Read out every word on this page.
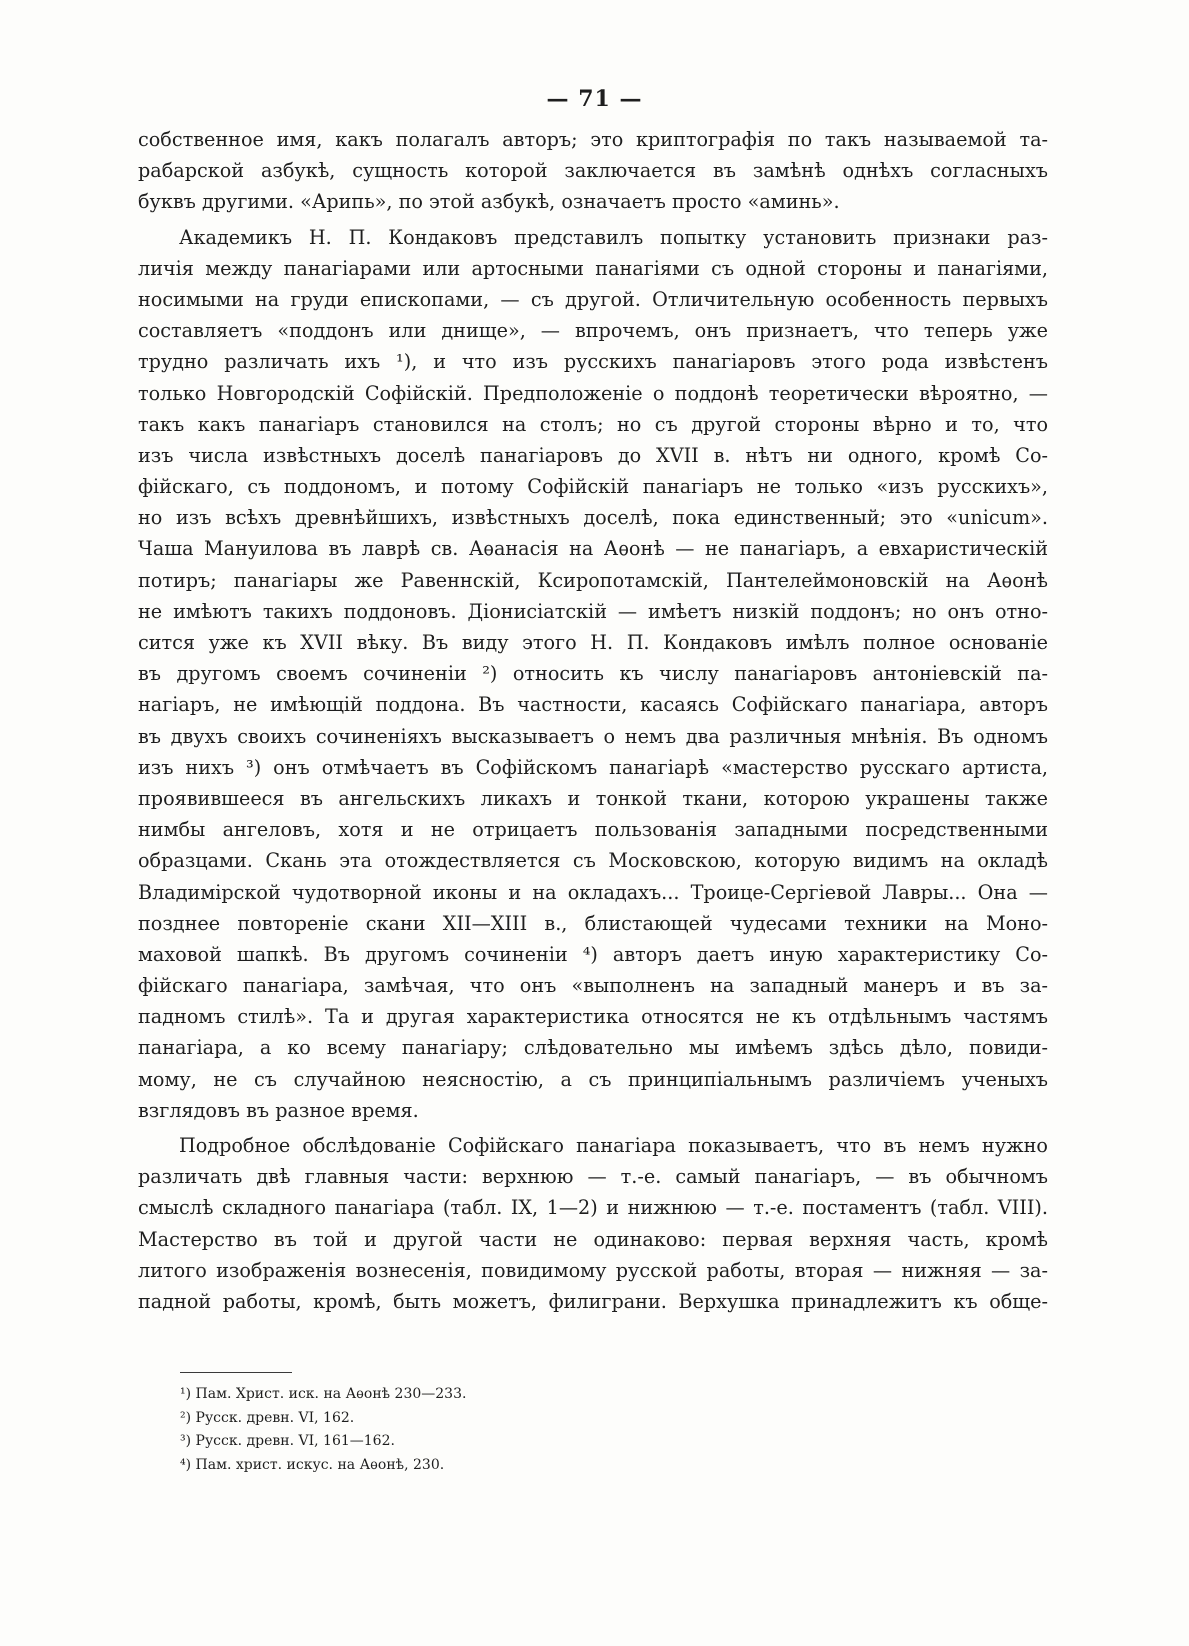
— 71 —
собственное имя, какъ полагалъ авторъ; это криптографія по такъ называемой та-
рабарской азбукѣ, сущность которой заключается въ замѣнѣ однѣхъ согласныхъ
буквъ другими. «Арипь», по этой азбукѣ, означаетъ просто «аминь».
Академикъ Н. П. Кондаковъ представилъ попытку установить признаки раз-
личія между панагіарами или артосными панагіями съ одной стороны и панагіями,
носимыми на груди епископами, — съ другой. Отличительную особенность первыхъ
составляетъ «поддонъ или днище», — впрочемъ, онъ признаетъ, что теперь уже
трудно различать ихъ ¹), и что изъ русскихъ панагіаровъ этого рода извѣстенъ
только Новгородскій Софійскій. Предположеніе о поддонѣ теоретически вѣроятно, —
такъ какъ панагіаръ становился на столъ; но съ другой стороны вѣрно и то, что
изъ числа извѣстныхъ доселѣ панагіаровъ до XVII в. нѣтъ ни одного, кромѣ Со-
фійскаго, съ поддономъ, и потому Софійскій панагіаръ не только «изъ русскихъ»,
но изъ всѣхъ древнѣйшихъ, извѣстныхъ доселѣ, пока единственный; это «unicum».
Чаша Мануилова въ лаврѣ св. Аѳанасія на Аѳонѣ — не панагіаръ, а евхаристическій
потиръ; панагіары же Равеннскій, Ксиропотамскій, Пантелеймоновскій на Аѳонѣ
не имѣютъ такихъ поддоновъ. Діонисіатскій — имѣетъ низкій поддонъ; но онъ отно-
сится уже къ XVII вѣку. Въ виду этого Н. П. Кондаковъ имѣлъ полное основаніе
въ другомъ своемъ сочиненіи ²) относить къ числу панагіаровъ антоніевскій па-
нагіаръ, не имѣющій поддона. Въ частности, касаясь Софійскаго панагіара, авторъ
въ двухъ своихъ сочиненіяхъ высказываетъ о немъ два различныя мнѣнія. Въ одномъ
изъ нихъ ³) онъ отмѣчаетъ въ Софійскомъ панагіарѣ «мастерство русскаго артиста,
проявившееся въ ангельскихъ ликахъ и тонкой ткани, которою украшены также
нимбы ангеловъ, хотя и не отрицаетъ пользованія западными посредственными
образцами. Скань эта отождествляется съ Московскою, которую видимъ на окладѣ
Владимірской чудотворной иконы и на окладахъ... Троице-Сергіевой Лавры... Она —
позднее повтореніе скани XII—XIII в., блистающей чудесами техники на Моно-
маховой шапкѣ. Въ другомъ сочиненіи ⁴) авторъ даетъ иную характеристику Со-
фійскаго панагіара, замѣчая, что онъ «выполненъ на западный манеръ и въ за-
падномъ стилѣ». Та и другая характеристика относятся не къ отдѣльнымъ частямъ
панагіара, а ко всему панагіару; слѣдовательно мы имѣемъ здѣсь дѣло, повиди-
мому, не съ случайною неясностію, а съ принципіальнымъ различіемъ ученыхъ
взглядовъ въ разное время.
Подробное обслѣдованіе Софійскаго панагіара показываетъ, что въ немъ нужно
различать двѣ главныя части: верхнюю — т.-е. самый панагіаръ, — въ обычномъ
смыслѣ складного панагіара (табл. IX, 1—2) и нижнюю — т.-е. постаментъ (табл. VIII).
Мастерство въ той и другой части не одинаково: первая верхняя часть, кромѣ
литого изображенія вознесенія, повидимому русской работы, вторая — нижняя — за-
падной работы, кромѣ, быть можетъ, филиграни. Верхушка принадлежитъ къ обще-
¹) Пам. Христ. иск. на Аѳонѣ 230—233.
²) Русск. древн. VI, 162.
³) Русск. древн. VI, 161—162.
⁴) Пам. христ. искус. на Аѳонѣ, 230.
